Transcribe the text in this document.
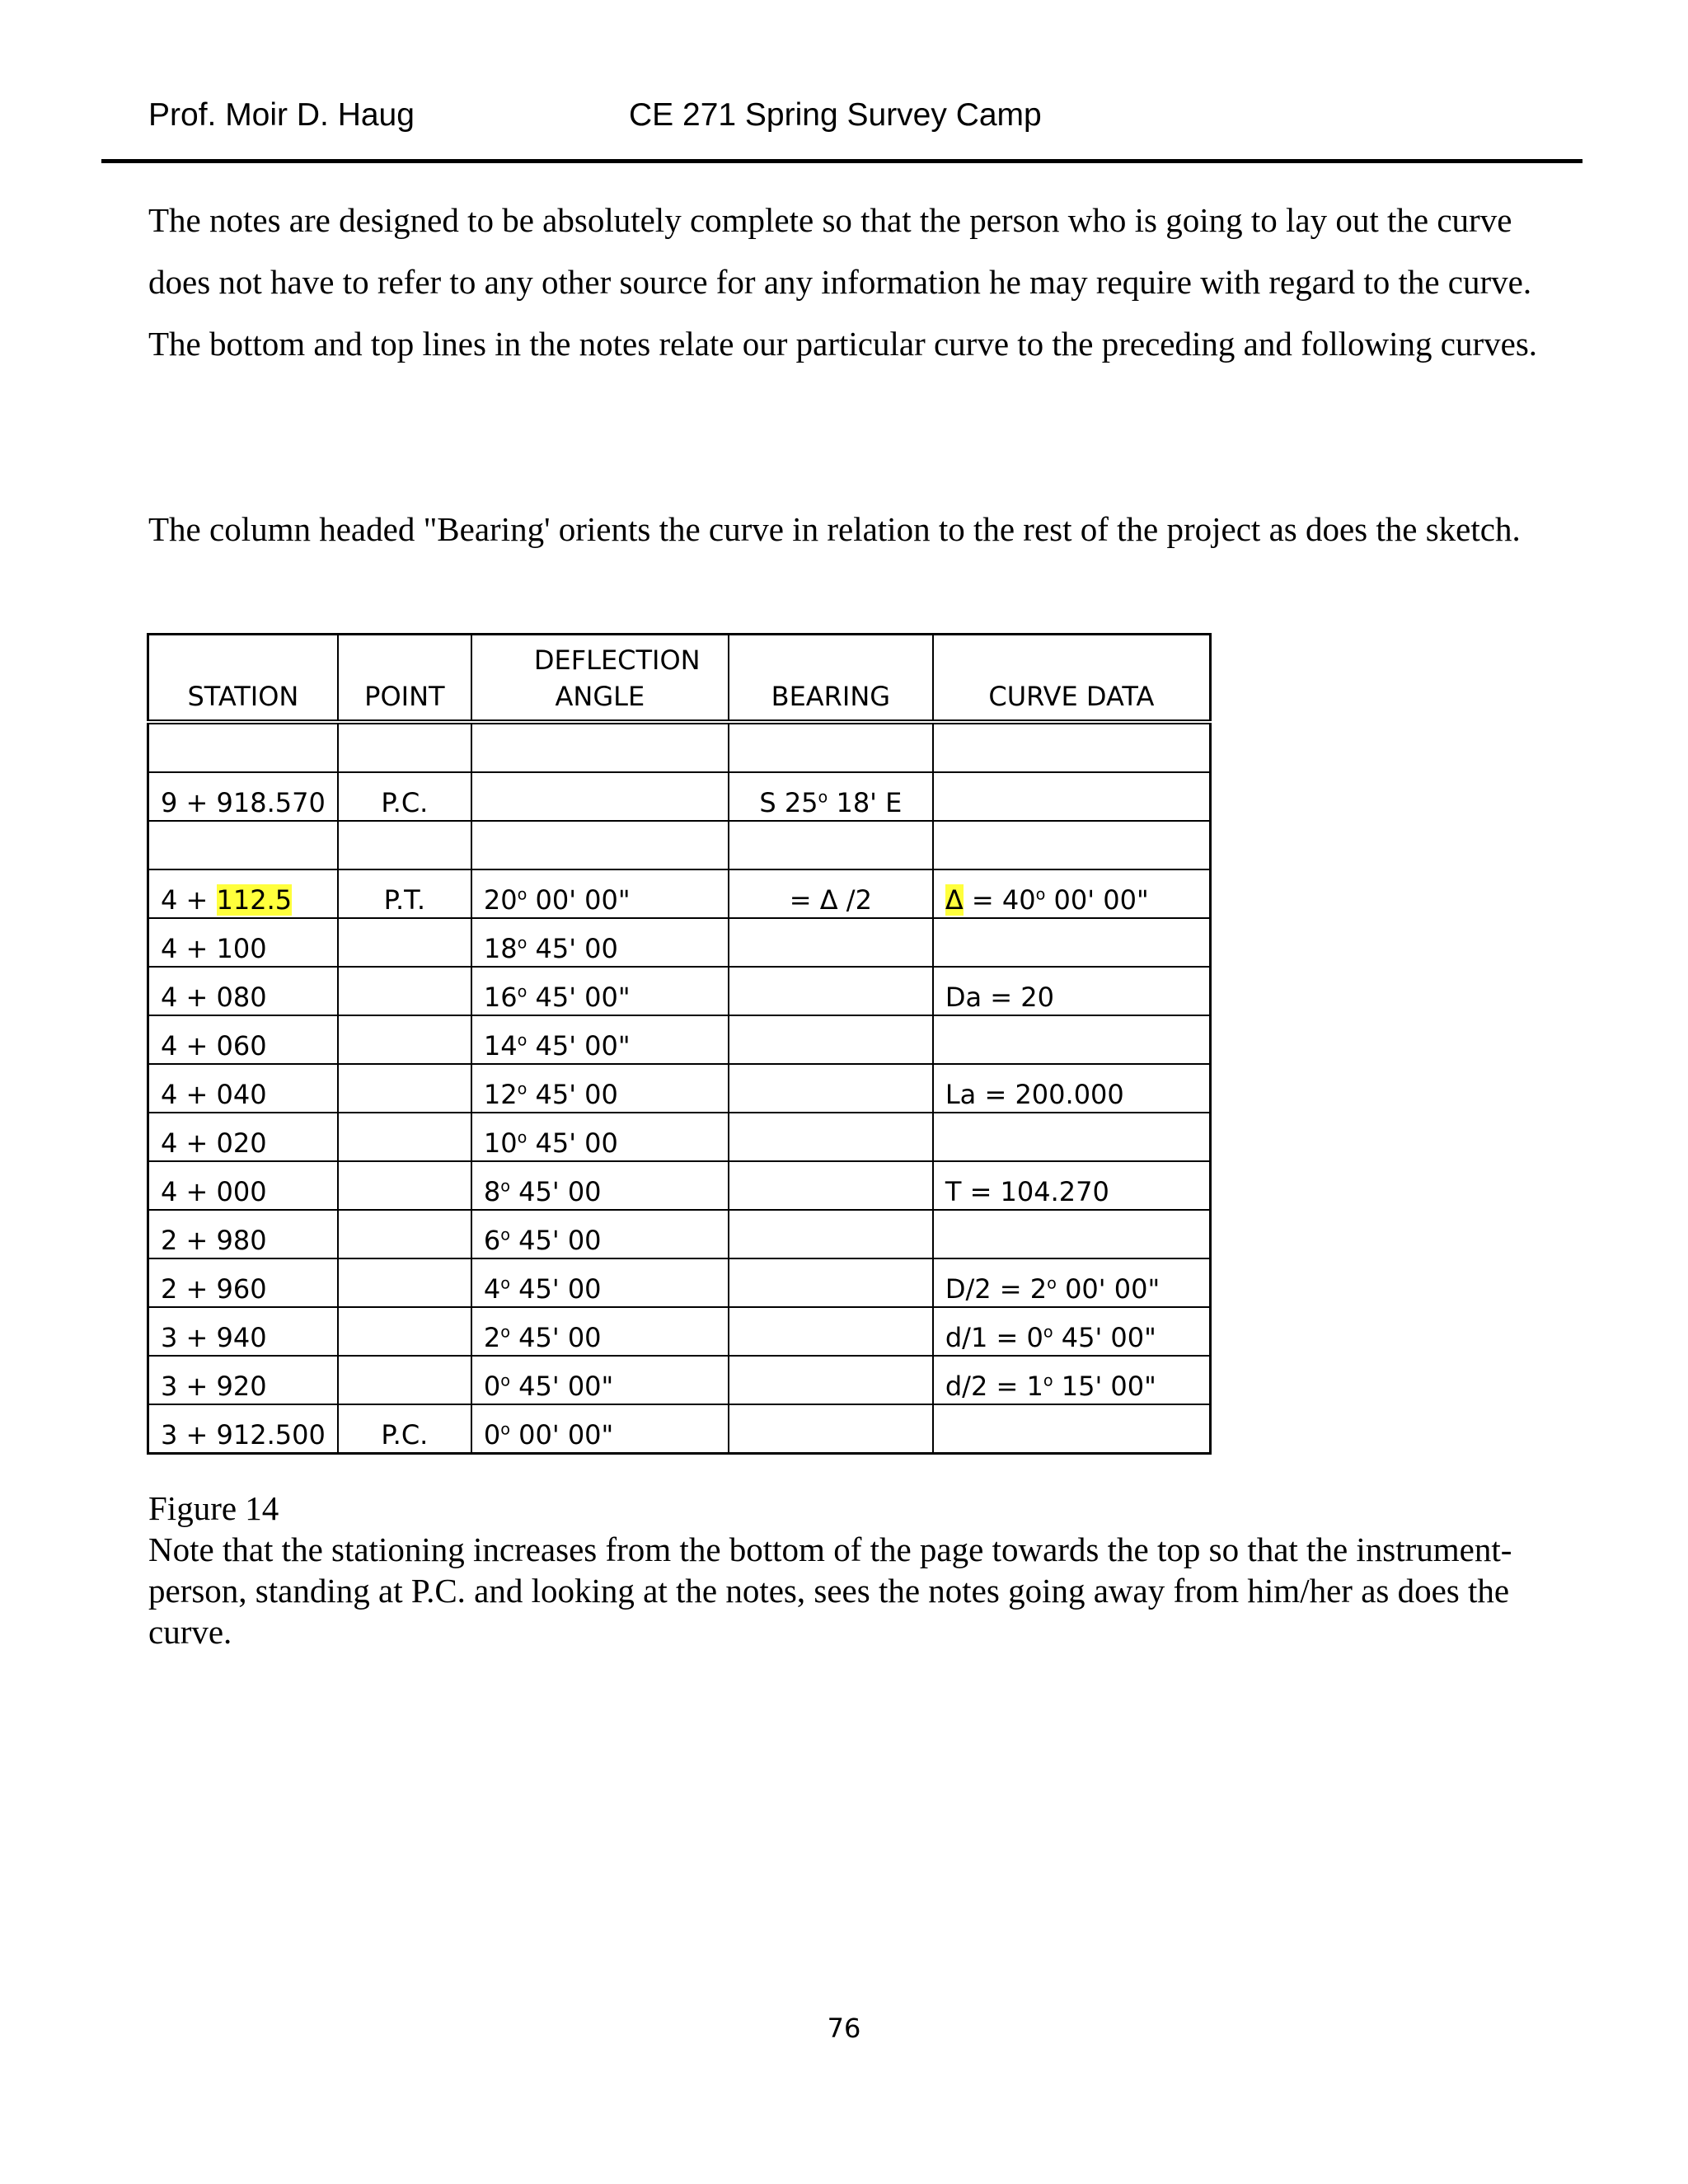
Prof. Moir D. Haug	CE 271 Spring Survey Camp

The notes are designed to be absolutely complete so that the person who is going to lay out the curve does not have to refer to any other source for any information he may require with regard to the curve. The bottom and top lines in the notes relate our particular curve to the preceding and following curves.

The column headed "Bearing' orients the curve in relation to the rest of the project as does the sketch.

STATION	POINT	DEFLECTION ANGLE	BEARING	CURVE DATA

9 + 918.570	P.C.		S 25$^o$ 18' E	

4 + 112.5	P.T.	20$^o$ 00' 00"	= Δ /2	$\Delta = 40^o$ 00' 00"
4 + 100		18$^o$ 45' 00		
4 + 080		16$^o$ 45' 00"		Da = 20
4 + 060		14$^o$ 45' 00"		
4 + 040		12$^o$ 45' 00		La = 200.000
4 + 020		10$^o$ 45' 00		
4 + 000		8$^o$ 45' 00		T = 104.270
2 + 980		6$^o$ 45' 00		
2 + 960		4$^o$ 45' 00		$D/2 = 2^o$ 00' 00"
3 + 940		2$^o$ 45' 00		$d/1 = 0^o$ 45' 00"
3 + 920		0$^o$ 45' 00"		$d/2 = 1^o$ 15' 00"
3 + 912.500	P.C.	0$^o$ 00' 00"		

Figure 14

Note that the stationing increases from the bottom of the page towards the top so that the instrument-person, standing at P.C. and looking at the notes, sees the notes going away from him/her as does the curve.

76
